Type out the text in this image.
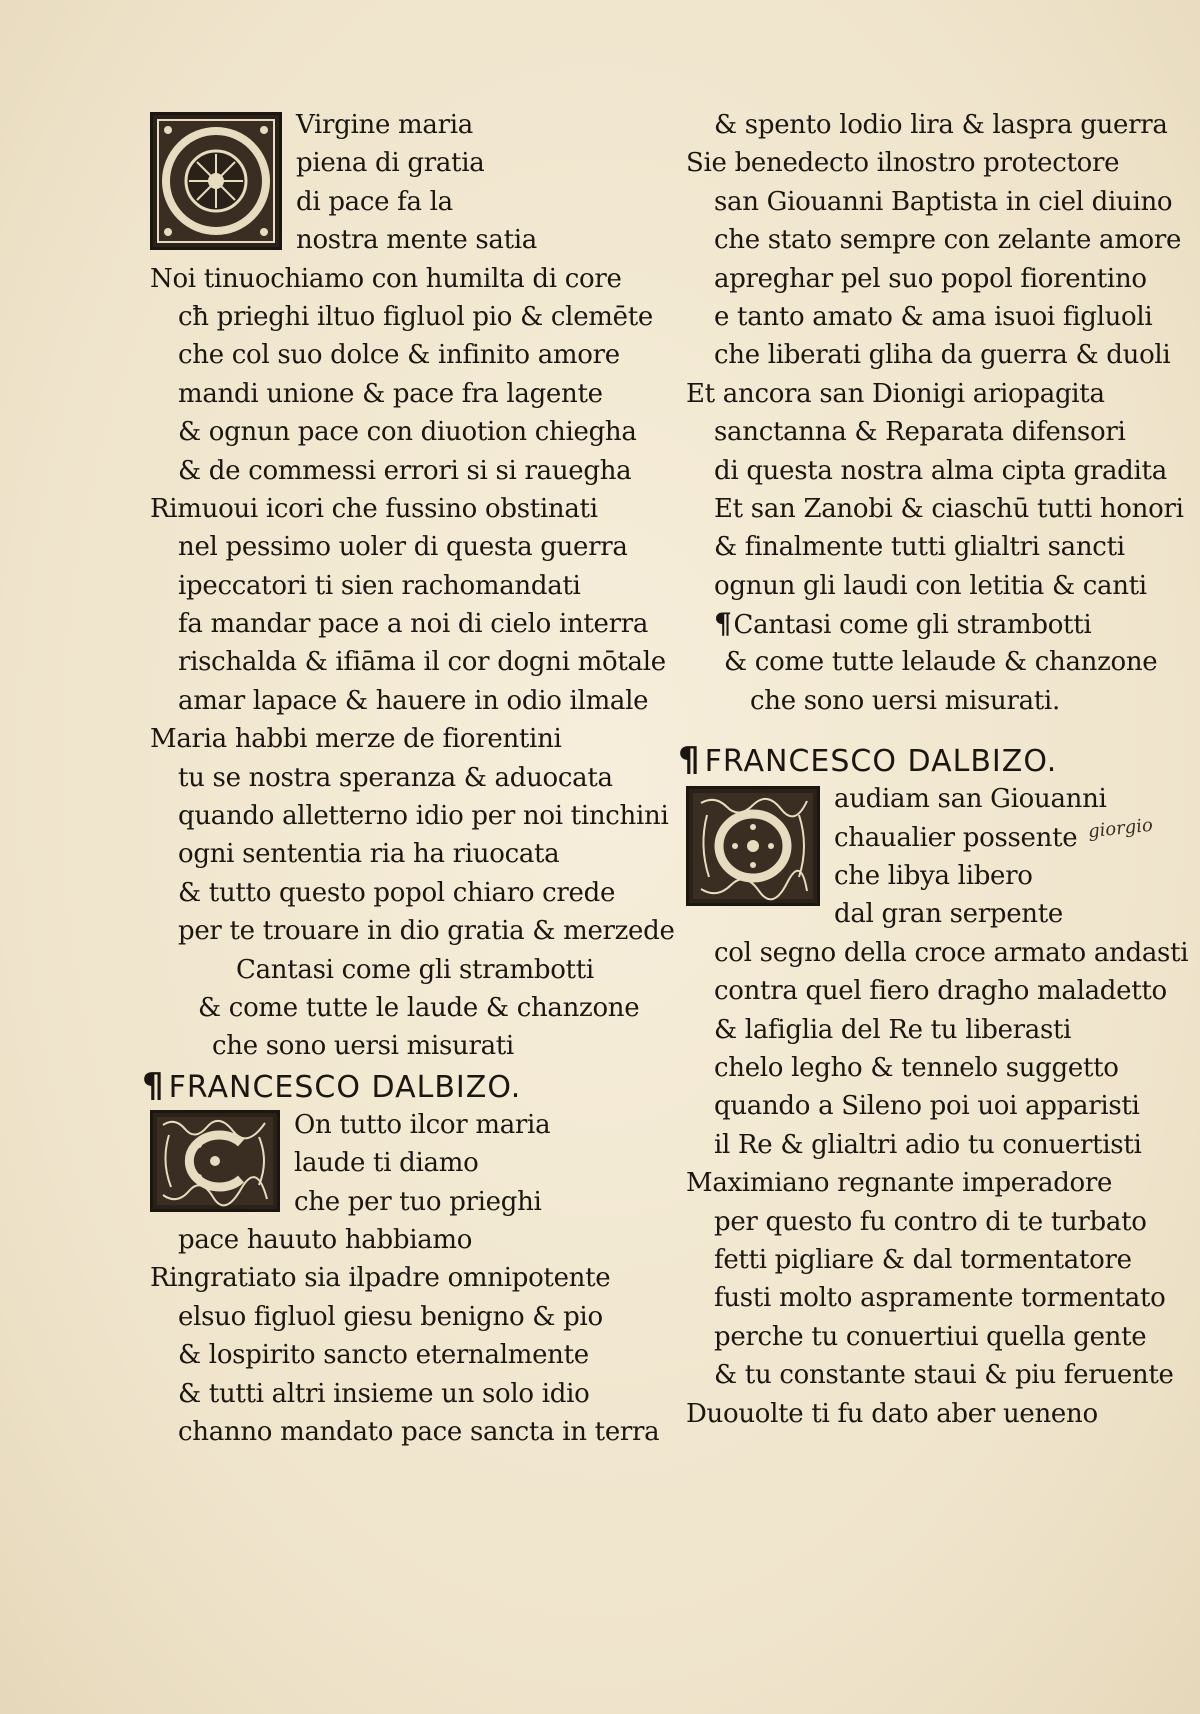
Virgine maria
piena di gratia
di pace fa la
nostra mente satia
Noi tinuochiamo con humilta di core
cħ prieghi iltuo figluol pio & clemēte
che col suo dolce & infinito amore
mandi unione & pace fra lagente
& ognun pace con diuotion chiegha
& de commessi errori si si rauegha
Rimuoui icori che fussino obstinati
nel pessimo uoler di questa guerra
ipeccatori ti sien rachomandati
fa mandar pace a noi di cielo interra
rischalda & ifiāma il cor dogni mōtale
amar lapace & hauere in odio ilmale
Maria habbi merze de fiorentini
tu se nostra speranza & aduocata
quando alletterno idio per noi tinchini
ogni sententia ria ha riuocata
& tutto questo popol chiaro crede
per te trouare in dio gratia & merzede
Cantasi come gli strambotti
& come tutte le laude & chanzone
che sono uersi misurati
¶ FRANCESCO DALBIZO.
On tutto ilcor maria
laude ti diamo
che per tuo prieghi
pace hauuto habbiamo
Ringratiato sia ilpadre omnipotente
elsuo figluol giesu benigno & pio
& lospirito sancto eternalmente
& tutti altri insieme un solo idio
channo mandato pace sancta in terra
& spento lodio lira & laspra guerra
Sie benedecto ilnostro protectore
san Giouanni Baptista in ciel diuino
che stato sempre con zelante amore
apreghar pel suo popol fiorentino
e tanto amato & ama isuoi figluoli
che liberati gliha da guerra & duoli
Et ancora san Dionigi ariopagita
sanctanna & Reparata difensori
di questa nostra alma cipta gradita
Et san Zanobi & ciaschū tutti honori
& finalmente tutti glialtri sancti
ognun gli laudi con letitia & canti
¶Cantasi come gli strambotti
& come tutte lelaude & chanzone
che sono uersi misurati.
¶ FRANCESCO DALBIZO.
audiam san Giouanni
chaualier possente
che libya libero
dal gran serpente
col segno della croce armato andasti
contra quel fiero dragho maladetto
& lafiglia del Re tu liberasti
chelo legho & tennelo suggetto
quando a Sileno poi uoi apparisti
il Re & glialtri adio tu conuertisti
Maximiano regnante imperadore
per questo fu contro di te turbato
fetti pigliare & dal tormentatore
fusti molto aspramente tormentato
perche tu conuertiui quella gente
& tu constante staui & piu feruente
Duouolte ti fu dato aber ueneno
giorgio
